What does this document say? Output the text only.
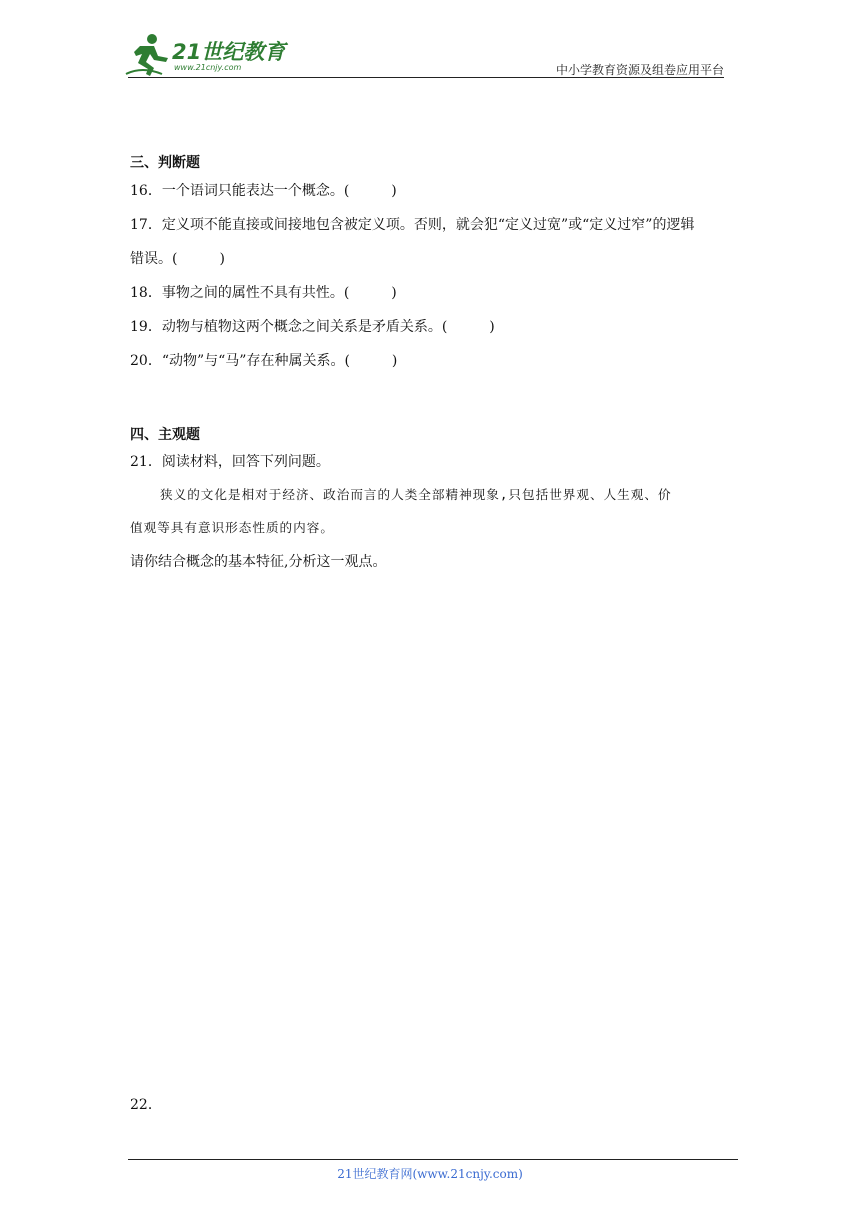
21世纪教育
www.21cnjy.com	中小学教育资源及组卷应用平台
三、判断题
16．一个语词只能表达一个概念。(　　　)
17．定义项不能直接或间接地包含被定义项。否则，就会犯“定义过宽”或“定义过窄”的逻辑
错误。(　　　)
18．事物之间的属性不具有共性。(　　　)
19．动物与植物这两个概念之间关系是矛盾关系。(　　　)
20．“动物”与“马”存在种属关系。(　　　)
四、主观题
21．阅读材料，回答下列问题。
狭义的文化是相对于经济、政治而言的人类全部精神现象,只包括世界观、人生观、价
值观等具有意识形态性质的内容。
请你结合概念的基本特征,分析这一观点。
22．
21世纪教育网(www.21cnjy.com)
